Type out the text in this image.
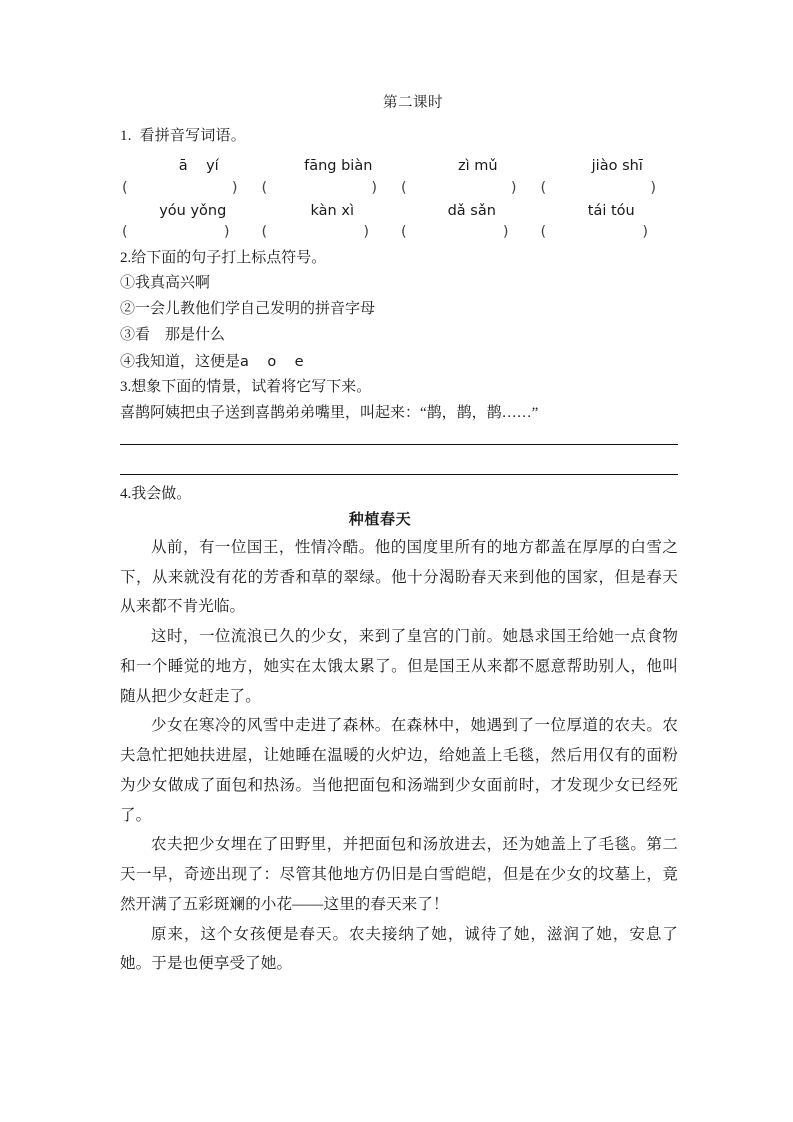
第二课时

1.  看拼音写词语。

ā    yí	fāng biàn	zì mǔ	jiào shī
(	) (	) (	) (	)
yóu yǒng	kàn xì	dǎ sǎn	tái tóu
(	) (	) (	) (	)

2.给下面的句子打上标点符号。

①我真高兴啊

②一会儿教他们学自己发明的拼音字母

③看    那是什么

④我知道，这便是a    o    e

3.想象下面的情景，试着将它写下来。

喜鹊阿姨把虫子送到喜鹊弟弟嘴里，叫起来：“鹊，鹊，鹊……”

4.我会做。

种植春天

从前，有一位国王，性情冷酷。他的国度里所有的地方都盖在厚厚的白雪之下，从来就没有花的芳香和草的翠绿。他十分渴盼春天来到他的国家，但是春天从来都不肯光临。

这时，一位流浪已久的少女，来到了皇宫的门前。她恳求国王给她一点食物和一个睡觉的地方，她实在太饿太累了。但是国王从来都不愿意帮助别人，他叫随从把少女赶走了。

少女在寒冷的风雪中走进了森林。在森林中，她遇到了一位厚道的农夫。农夫急忙把她扶进屋，让她睡在温暖的火炉边，给她盖上毛毯，然后用仅有的面粉为少女做成了面包和热汤。当他把面包和汤端到少女面前时，才发现少女已经死了。

农夫把少女埋在了田野里，并把面包和汤放进去，还为她盖上了毛毯。第二天一早，奇迹出现了：尽管其他地方仍旧是白雪皑皑，但是在少女的坟墓上，竟然开满了五彩斑斓的小花——这里的春天来了！

原来，这个女孩便是春天。农夫接纳了她，诚待了她，滋润了她，安息了她。于是也便享受了她。
